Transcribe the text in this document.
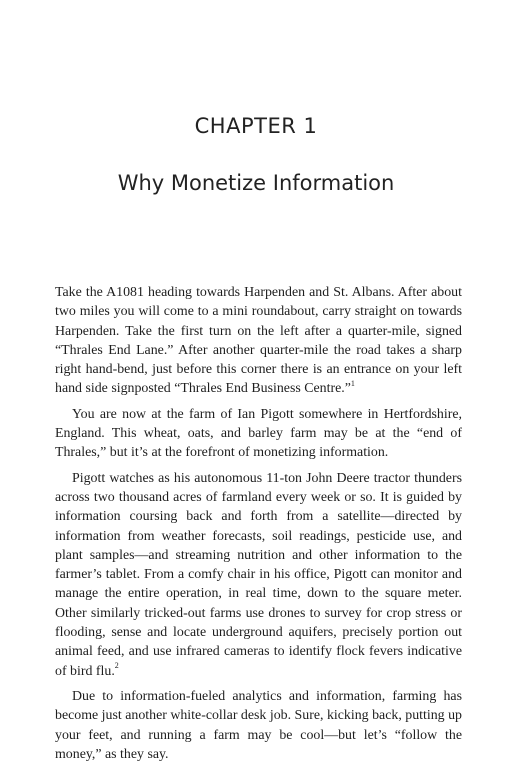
CHAPTER 1
Why Monetize Information

Take the A1081 heading towards Harpenden and St. Albans. After about two miles you will come to a mini roundabout, carry straight on towards Harpenden. Take the first turn on the left after a quarter-mile, signed “Thrales End Lane.” After another quarter-mile the road takes a sharp right hand-bend, just before this corner there is an entrance on your left hand side signposted “Thrales End Business Centre.”$^1$

You are now at the farm of Ian Pigott somewhere in Hertfordshire, England. This wheat, oats, and barley farm may be at the “end of Thrales,” but it’s at the forefront of monetizing information.

Pigott watches as his autonomous 11-ton John Deere tractor thunders across two thousand acres of farmland every week or so. It is guided by information coursing back and forth from a satellite—directed by information from weather forecasts, soil readings, pesticide use, and plant samples—and streaming nutrition and other information to the farmer’s tablet. From a comfy chair in his office, Pigott can monitor and manage the entire operation, in real time, down to the square meter. Other similarly tricked-out farms use drones to survey for crop stress or flooding, sense and locate underground aquifers, precisely portion out animal feed, and use infrared cameras to identify flock fevers indicative of bird flu.$^2$

Due to information-fueled analytics and information, farming has become just another white-collar desk job. Sure, kicking back, putting up your feet, and running a farm may be cool—but let’s “follow the money,” as they say.
